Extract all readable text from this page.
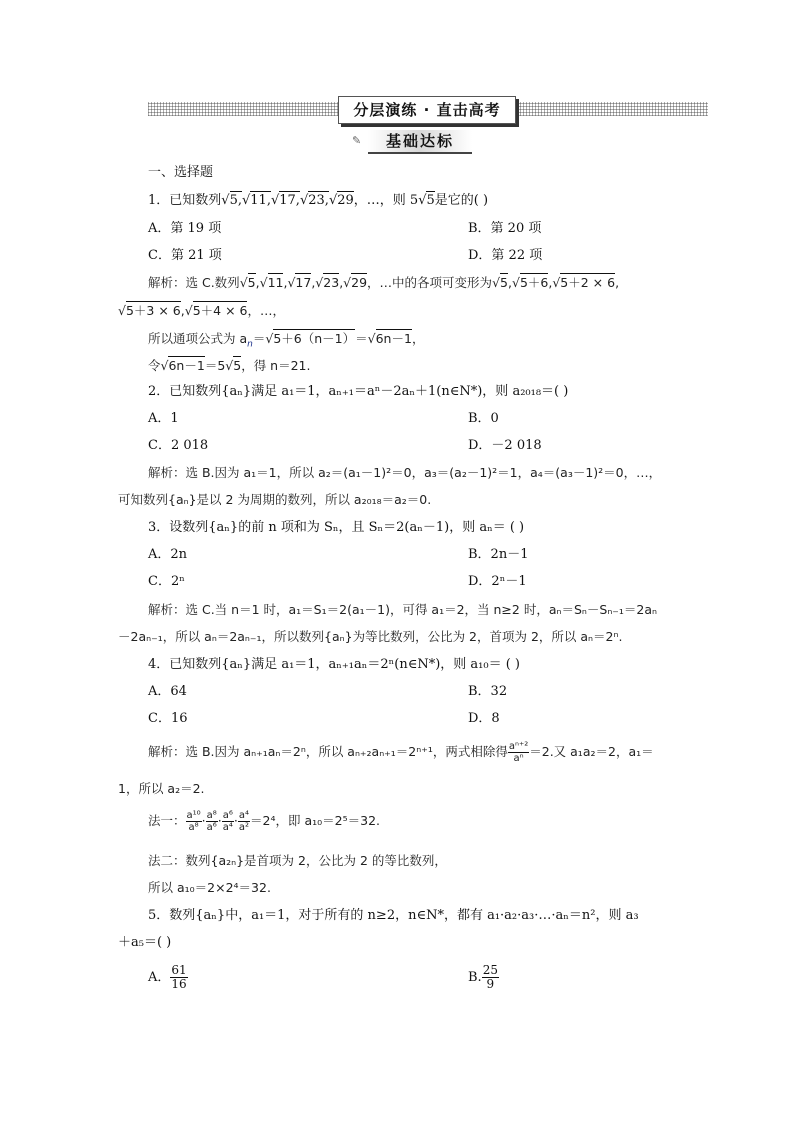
分层演练 · 直击高考
✎	基础达标
一、选择题
1．已知数列√5,√11,√17,√23,√29，…，则 5√5是它的( )
A．第 19 项	B．第 20 项
C．第 21 项	D．第 22 项
解析：选 C.数列√5,√11,√17,√23,√29，…中的各项可变形为√5,√5＋6,√5＋2 × 6,
√5＋3 × 6,√5＋4 × 6，…，
所以通项公式为 $a_n=√5+6(n-1)=√6n-1$，
令√6n－1＝5√5，得 n＝21.
2．已知数列{aₙ}满足 a₁＝1，aₙ₊₁＝aⁿ－2aₙ＋1(n∈N*)，则 a₂₀₁₈＝( )
A．1	B．0
C．2 018	D．－2 018
解析：选 B.因为 a₁＝1，所以 a₂＝(a₁－1)²＝0，a₃＝(a₂－1)²＝1，a₄＝(a₃－1)²＝0，…，
可知数列{aₙ}是以 2 为周期的数列，所以 a₂₀₁₈＝a₂＝0.
3．设数列{aₙ}的前 n 项和为 Sₙ，且 Sₙ＝2(aₙ－1)，则 aₙ＝ ( )
A．2n	B．2n－1
C．2ⁿ	D．2ⁿ－1
解析：选 C.当 n＝1 时，a₁＝S₁＝2(a₁－1)，可得 a₁＝2，当 n≥2 时，aₙ＝Sₙ－Sₙ₋₁＝2aₙ
－2aₙ₋₁，所以 aₙ＝2aₙ₋₁，所以数列{aₙ}为等比数列，公比为 2，首项为 2，所以 aₙ＝2ⁿ.
4．已知数列{aₙ}满足 a₁＝1，aₙ₊₁aₙ＝2ⁿ(n∈N*)，则 a₁₀＝ ( )
A．64	B．32
C．16	D．8
解析：选 B.因为 aₙ₊₁aₙ＝2ⁿ，所以 aₙ₊₂aₙ₊₁＝2ⁿ⁺¹，两式相除得 $\frac{\text{aⁿ⁺²}}{\text{aⁿ}} =2$.又 a₁a₂＝2，a₁＝
1，所以 a₂＝2.
法一： $\frac{\text{a¹⁰}}{\text{a⁸}} \cdot \frac{\text{a⁸}}{\text{a⁶}} \cdot \frac{\text{a⁶}}{\text{a⁴}} \cdot \frac{\text{a⁴}}{\text{a²}} =2^4$，即 a₁₀＝2⁵＝32.
法二：数列{a₂ₙ}是首项为 2，公比为 2 的等比数列，
所以 a₁₀＝2×2⁴＝32.
5．数列{aₙ}中，a₁＝1，对于所有的 n≥2，n∈N*，都有 a₁·a₂·a₃·…·aₙ＝n²，则 a₃
＋a₅＝( )
A． $\frac{61}{16}$	B. $\frac{25}{9}$
